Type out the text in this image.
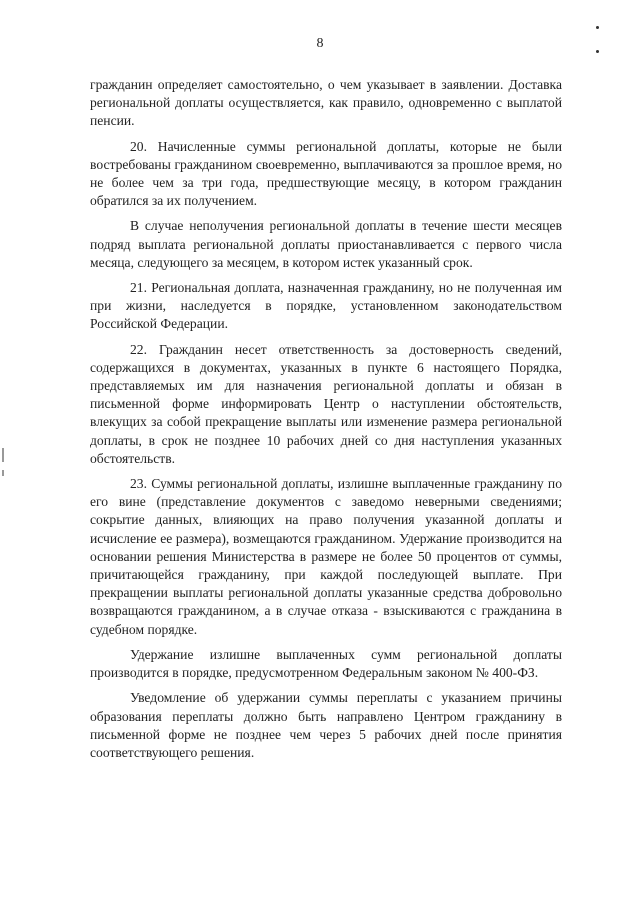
8

гражданин определяет самостоятельно, о чем указывает в заявлении. Доставка региональной доплаты осуществляется, как правило, одновременно с выплатой пенсии.

20. Начисленные суммы региональной доплаты, которые не были востребованы гражданином своевременно, выплачиваются за прошлое время, но не более чем за три года, предшествующие месяцу, в котором гражданин обратился за их получением.

В случае неполучения региональной доплаты в течение шести месяцев подряд выплата региональной доплаты приостанавливается с первого числа месяца, следующего за месяцем, в котором истек указанный срок.

21. Региональная доплата, назначенная гражданину, но не полученная им при жизни, наследуется в порядке, установленном законодательством Российской Федерации.

22. Гражданин несет ответственность за достоверность сведений, содержащихся в документах, указанных в пункте 6 настоящего Порядка, представляемых им для назначения региональной доплаты и обязан в письменной форме информировать Центр о наступлении обстоятельств, влекущих за собой прекращение выплаты или изменение размера региональной доплаты, в срок не позднее 10 рабочих дней со дня наступления указанных обстоятельств.

23. Суммы региональной доплаты, излишне выплаченные гражданину по его вине (представление документов с заведомо неверными сведениями; сокрытие данных, влияющих на право получения указанной доплаты и исчисление ее размера), возмещаются гражданином. Удержание производится на основании решения Министерства в размере не более 50 процентов от суммы, причитающейся гражданину, при каждой последующей выплате. При прекращении выплаты региональной доплаты указанные средства добровольно возвращаются гражданином, а в случае отказа - взыскиваются с гражданина в судебном порядке.

Удержание излишне выплаченных сумм региональной доплаты производится в порядке, предусмотренном Федеральным законом № 400-ФЗ.

Уведомление об удержании суммы переплаты с указанием причины образования переплаты должно быть направлено Центром гражданину в письменной форме не позднее чем через 5 рабочих дней после принятия соответствующего решения.
